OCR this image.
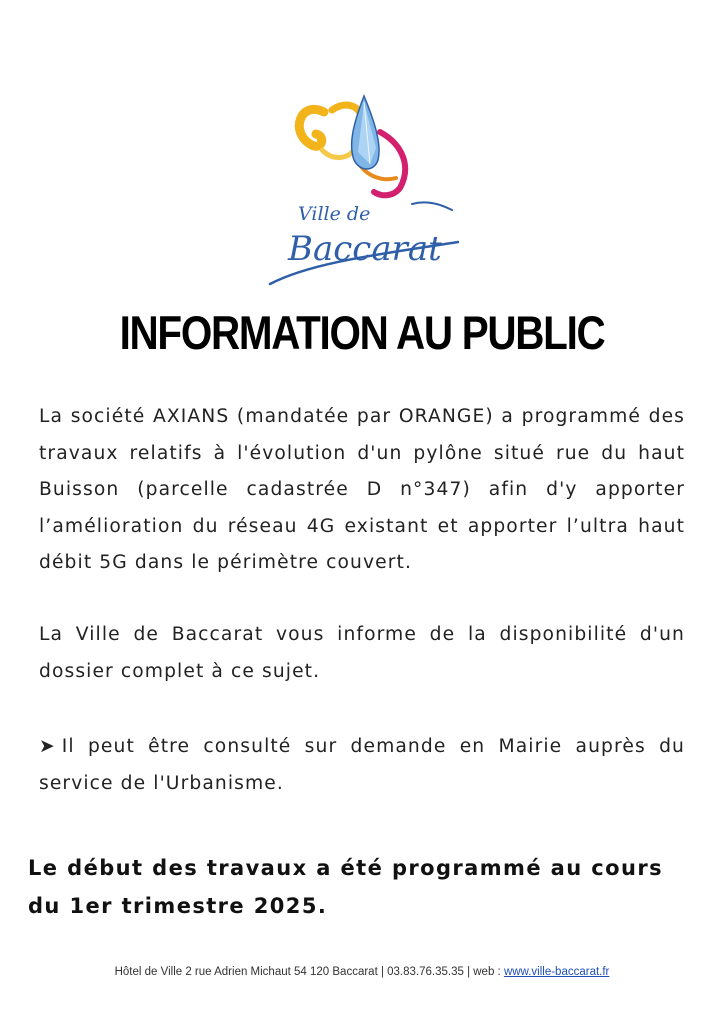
Ville de
Baccarat
INFORMATION AU PUBLIC

La société AXIANS (mandatée par ORANGE) a programmé des travaux relatifs à l'évolution d'un pylône situé rue du haut Buisson (parcelle cadastrée D n°347) afin d'y apporter l’amélioration du réseau 4G existant et apporter l’ultra haut débit 5G dans le périmètre couvert.

La Ville de Baccarat vous informe de la disponibilité d'un dossier complet à ce sujet.

➤ Il peut être consulté sur demande en Mairie auprès du service de l'Urbanisme.

Le début des travaux a été programmé au cours du 1er trimestre 2025.

Hôtel de Ville 2 rue Adrien Michaut 54 120 Baccarat | 03.83.76.35.35 | web : www.ville-baccarat.fr
